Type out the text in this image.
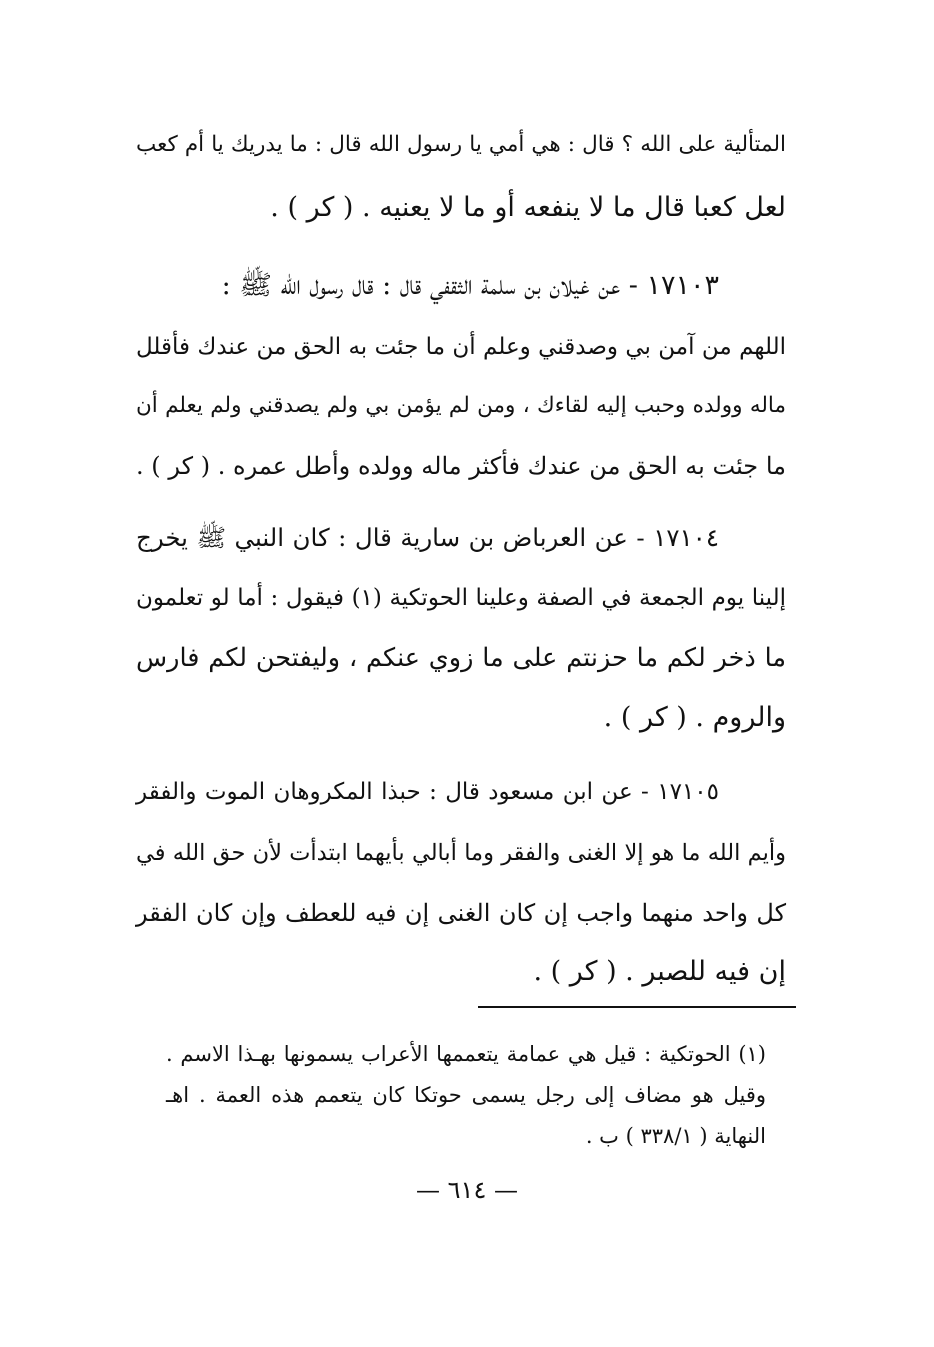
المتألية على الله ؟ قال : هي أمي يا رسول الله قال : ما يدريك يا أم كعب
لعل كعبا قال ما لا ينفعه أو ما لا يعنيه . ( كر ) .
١٧١٠٣ - عن غيلان بن سلمة الثقفي قال : قال رسول الله ﷺ :
اللهم من آمن بي وصدقني وعلم أن ما جئت به الحق من عندك فأقلل
ماله وولده وحبب إليه لقاءك ، ومن لم يؤمن بي ولم يصدقني ولم يعلم أن
ما جئت به الحق من عندك فأكثر ماله وولده وأطل عمره . ( كر ) .
١٧١٠٤ - عن العرباض بن سارية قال : كان النبي ﷺ يخرج
إلينا يوم الجمعة في الصفة وعلينا الحوتكية (١) فيقول : أما لو تعلمون
ما ذخر لكم ما حزنتم على ما زوي عنكم ، وليفتحن لكم فارس
والروم . ( كر ) .
١٧١٠٥ - عن ابن مسعود قال : حبذا المكروهان الموت والفقر
وأيم الله ما هو إلا الغنى والفقر وما أبالي بأيهما ابتدأت لأن حق الله في
كل واحد منهما واجب إن كان الغنى إن فيه للعطف وإن كان الفقر
إن فيه للصبر . ( كر ) .
(١) الحوتكية : قيل هي عمامة يتعممها الأعراب يسمونها بهـذا الاسم .
وقيل هو مضاف إلى رجل يسمى حوتكا كان يتعمم هذه العمة . اهـ
النهاية ( ٣٣٨/١ ) ب .
— ٦١٤ —
